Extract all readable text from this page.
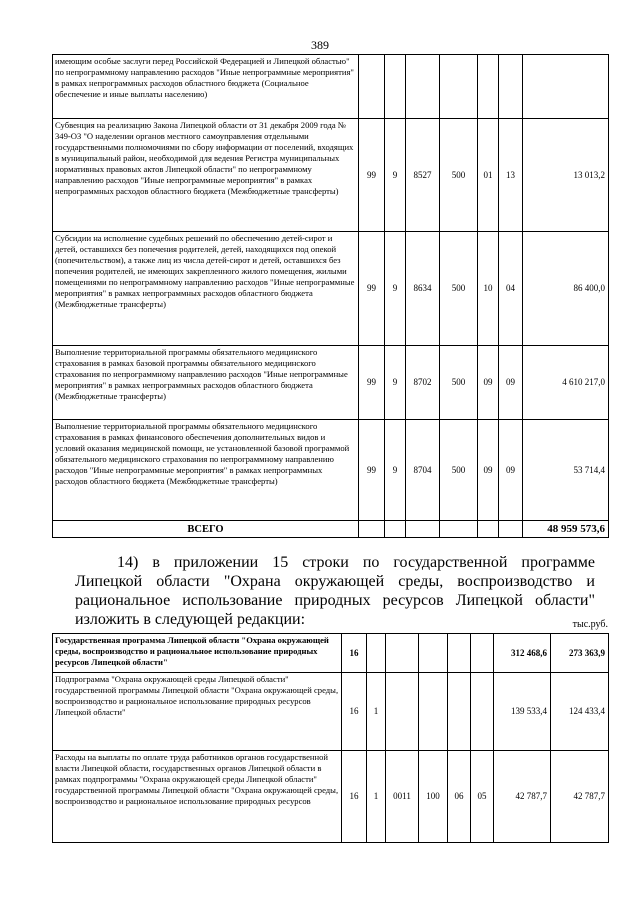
389
имеющим особые заслуги перед Российской Федерацией и Липецкой областью" по непрограммному направлению расходов "Иные непрограммные мероприятия" в рамках непрограммных расходов областного бюджета (Социальное обеспечение и иные выплаты населению)							
Субвенция на реализацию Закона Липецкой области от 31 декабря 2009 года № 349-ОЗ "О наделении органов местного самоуправления отдельными государственными полномочиями по сбору информации от поселений, входящих в муниципальный район, необходимой для ведения Регистра муниципальных нормативных правовых актов Липецкой области" по непрограммному направлению расходов "Иные непрограммные мероприятия" в рамках непрограммных расходов областного бюджета (Межбюджетные трансферты)	99	9	8527	500	01	13	13 013,2
Субсидии на исполнение судебных решений по обеспечению детей-сирот и детей, оставшихся без попечения родителей, детей, находящихся под опекой (попечительством), а также лиц из числа детей-сирот и детей, оставшихся без попечения родителей, не имеющих закрепленного жилого помещения, жилыми помещениями по непрограммному направлению расходов "Иные непрограммные мероприятия" в рамках непрограммных расходов областного бюджета (Межбюджетные трансферты)	99	9	8634	500	10	04	86 400,0
Выполнение территориальной программы обязательного медицинского страхования в рамках базовой программы обязательного медицинского страхования по непрограммному направлению расходов "Иные непрограммные мероприятия" в рамках непрограммных расходов областного бюджета (Межбюджетные трансферты)	99	9	8702	500	09	09	4 610 217,0
Выполнение территориальной программы обязательного медицинского страхования в рамках финансового обеспечения дополнительных видов и условий оказания медицинской помощи, не установленной базовой программой обязательного медицинского страхования по непрограммному направлению расходов "Иные непрограммные мероприятия" в рамках непрограммных расходов областного бюджета (Межбюджетные трансферты)	99	9	8704	500	09	09	53 714,4
ВСЕГО							48 959 573,6
14) в приложении 15 строки по государственной программе Липецкой области "Охрана окружающей среды, воспроизводство и рациональное использование природных ресурсов Липецкой области" изложить в следующей редакции:	тыс.руб.
Государственная программа Липецкой области "Охрана окружающей среды, воспроизводство и рациональное использование природных ресурсов Липецкой области"	16						312 468,6	273 363,9
Подпрограмма "Охрана окружающей среды Липецкой области" государственной программы Липецкой области "Охрана окружающей среды, воспроизводство и рациональное использование природных ресурсов Липецкой области"	16	1					139 533,4	124 433,4
Расходы на выплаты по оплате труда работников органов государственной власти Липецкой области, государственных органов Липецкой области в рамках подпрограммы "Охрана окружающей среды Липецкой области" государственной программы Липецкой области "Охрана окружающей среды, воспроизводство и рациональное использование природных ресурсов	16	1	0011	100	06	05	42 787,7	42 787,7
